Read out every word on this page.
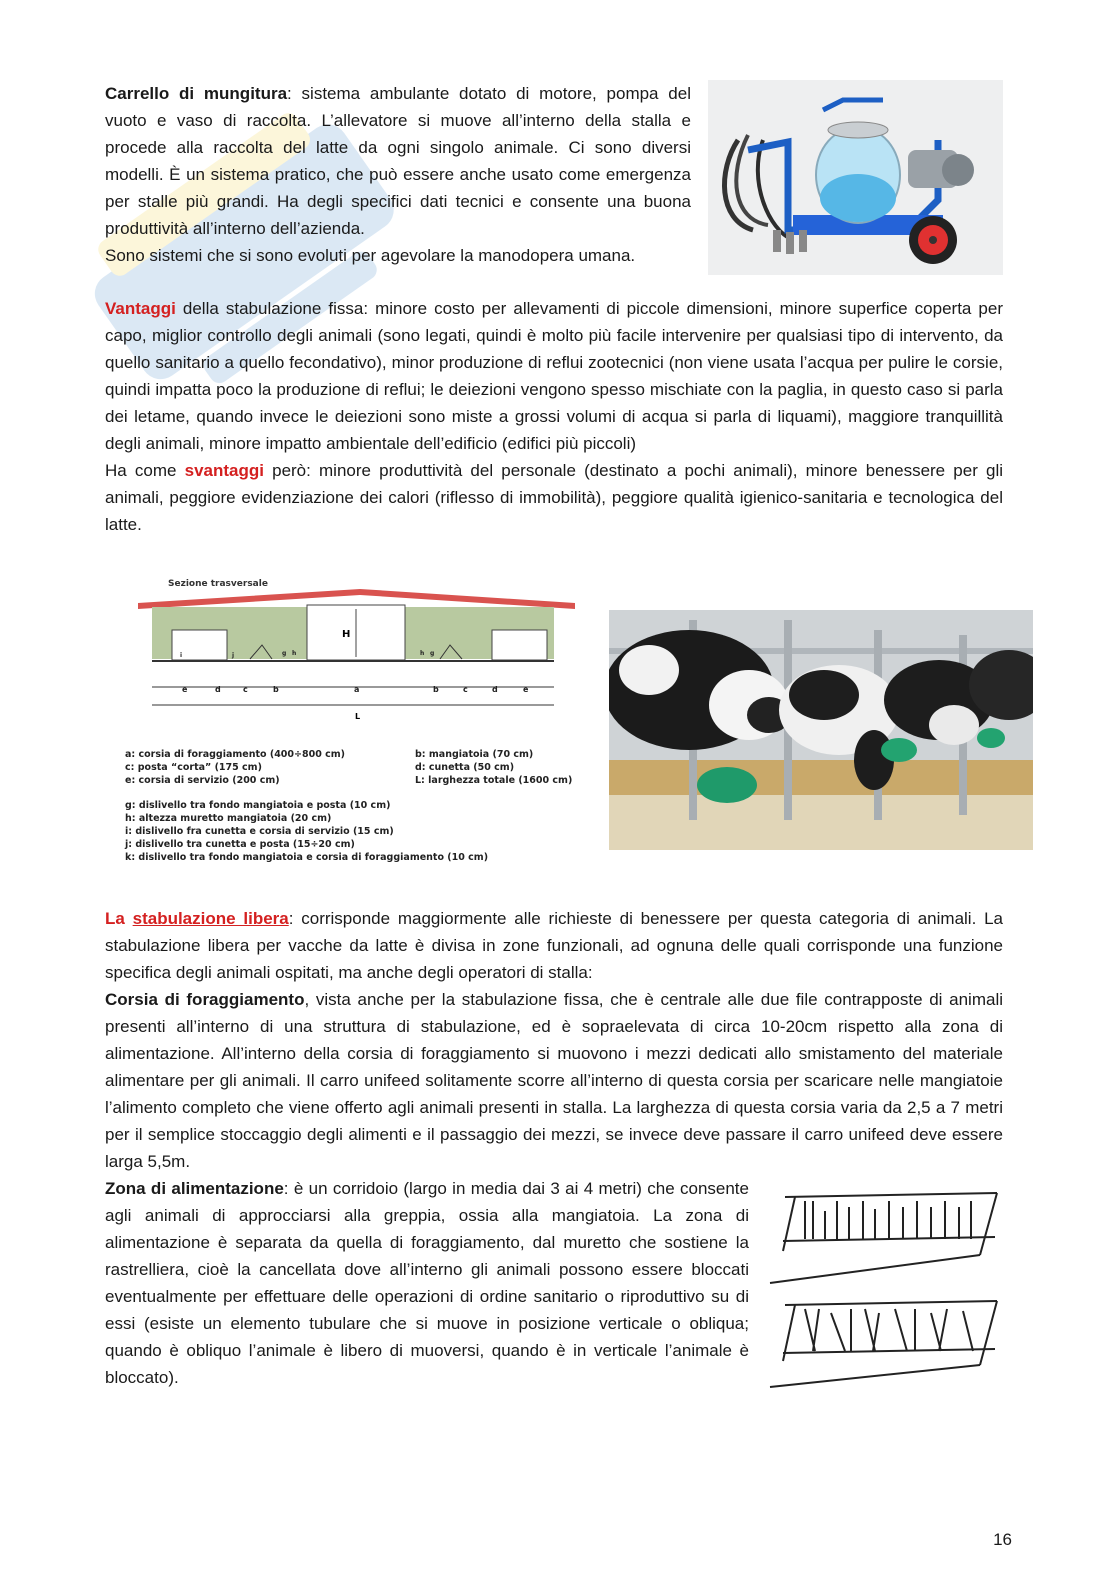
Carrello di mungitura: sistema ambulante dotato di motore, pompa del vuoto e vaso di raccolta. L’allevatore si muove all’interno della stalla e procede alla raccolta del latte da ogni singolo animale. Ci sono diversi modelli. È un sistema pratico, che può essere anche usato come emergenza per stalle più grandi. Ha degli specifici dati tecnici e consente una buona produttività all’interno dell’azienda.
Sono sistemi che si sono evoluti per agevolare la manodopera umana.

Vantaggi della stabulazione fissa: minore costo per allevamenti di piccole dimensioni, minore superfice coperta per capo, miglior controllo degli animali (sono legati, quindi è molto più facile intervenire per qualsiasi tipo di intervento, da quello sanitario a quello fecondativo), minor produzione di reflui zootecnici (non viene usata l’acqua per pulire le corsie, quindi impatta poco la produzione di reflui; le deiezioni vengono spesso mischiate con la paglia, in questo caso si parla dei letame, quando invece le deiezioni sono miste a grossi volumi di acqua si parla di liquami), maggiore tranquillità degli animali, minore impatto ambientale dell’edificio (edifici più piccoli)
Ha come svantaggi però: minore produttività del personale (destinato a pochi animali), minore benessere per gli animali, peggiore evidenziazione dei calori (riflesso di immobilità), peggiore qualità igienico-sanitaria e tecnologica del latte.

Sezione trasversale
H
L
e	d	c	b	a	b	c	d	e
i	j	g h	h g
a: corsia di foraggiamento (400÷800 cm)	b: mangiatoia (70 cm)
c: posta “corta” (175 cm)	d: cunetta (50 cm)
e: corsia di servizio (200 cm)	L: larghezza totale (1600 cm)
g: dislivello tra fondo mangiatoia e posta (10 cm)
h: altezza muretto mangiatoia (20 cm)
i: dislivello fra cunetta e corsia di servizio (15 cm)
j: dislivello tra cunetta e posta (15÷20 cm)
k: dislivello tra fondo mangiatoia e corsia di foraggiamento (10 cm)

La stabulazione libera: corrisponde maggiormente alle richieste di benessere per questa categoria di animali. La stabulazione libera per vacche da latte è divisa in zone funzionali, ad ognuna delle quali corrisponde una funzione specifica degli animali ospitati, ma anche degli operatori di stalla:
Corsia di foraggiamento, vista anche per la stabulazione fissa, che è centrale alle due file contrapposte di animali presenti all’interno di una struttura di stabulazione, ed è sopraelevata di circa 10-20cm rispetto alla zona di alimentazione. All’interno della corsia di foraggiamento si muovono i mezzi dedicati allo smistamento del materiale alimentare per gli animali. Il carro unifeed solitamente scorre all’interno di questa corsia per scaricare nelle mangiatoie l’alimento completo che viene offerto agli animali presenti in stalla. La larghezza di questa corsia varia da 2,5 a 7 metri per il semplice stoccaggio degli alimenti e il passaggio dei mezzi, se invece deve passare il carro unifeed deve essere larga 5,5m.

Zona di alimentazione: è un corridoio (largo in media dai 3 ai 4 metri) che consente agli animali di approcciarsi alla greppia, ossia alla mangiatoia. La zona di alimentazione è separata da quella di foraggiamento, dal muretto che sostiene la rastrelliera, cioè la cancellata dove all’interno gli animali possono essere bloccati eventualmente per effettuare delle operazioni di ordine sanitario o riproduttivo su di essi (esiste un elemento tubulare che si muove in posizione verticale o obliqua; quando è obliquo l’animale è libero di muoversi, quando è in verticale l’animale è bloccato).

16
